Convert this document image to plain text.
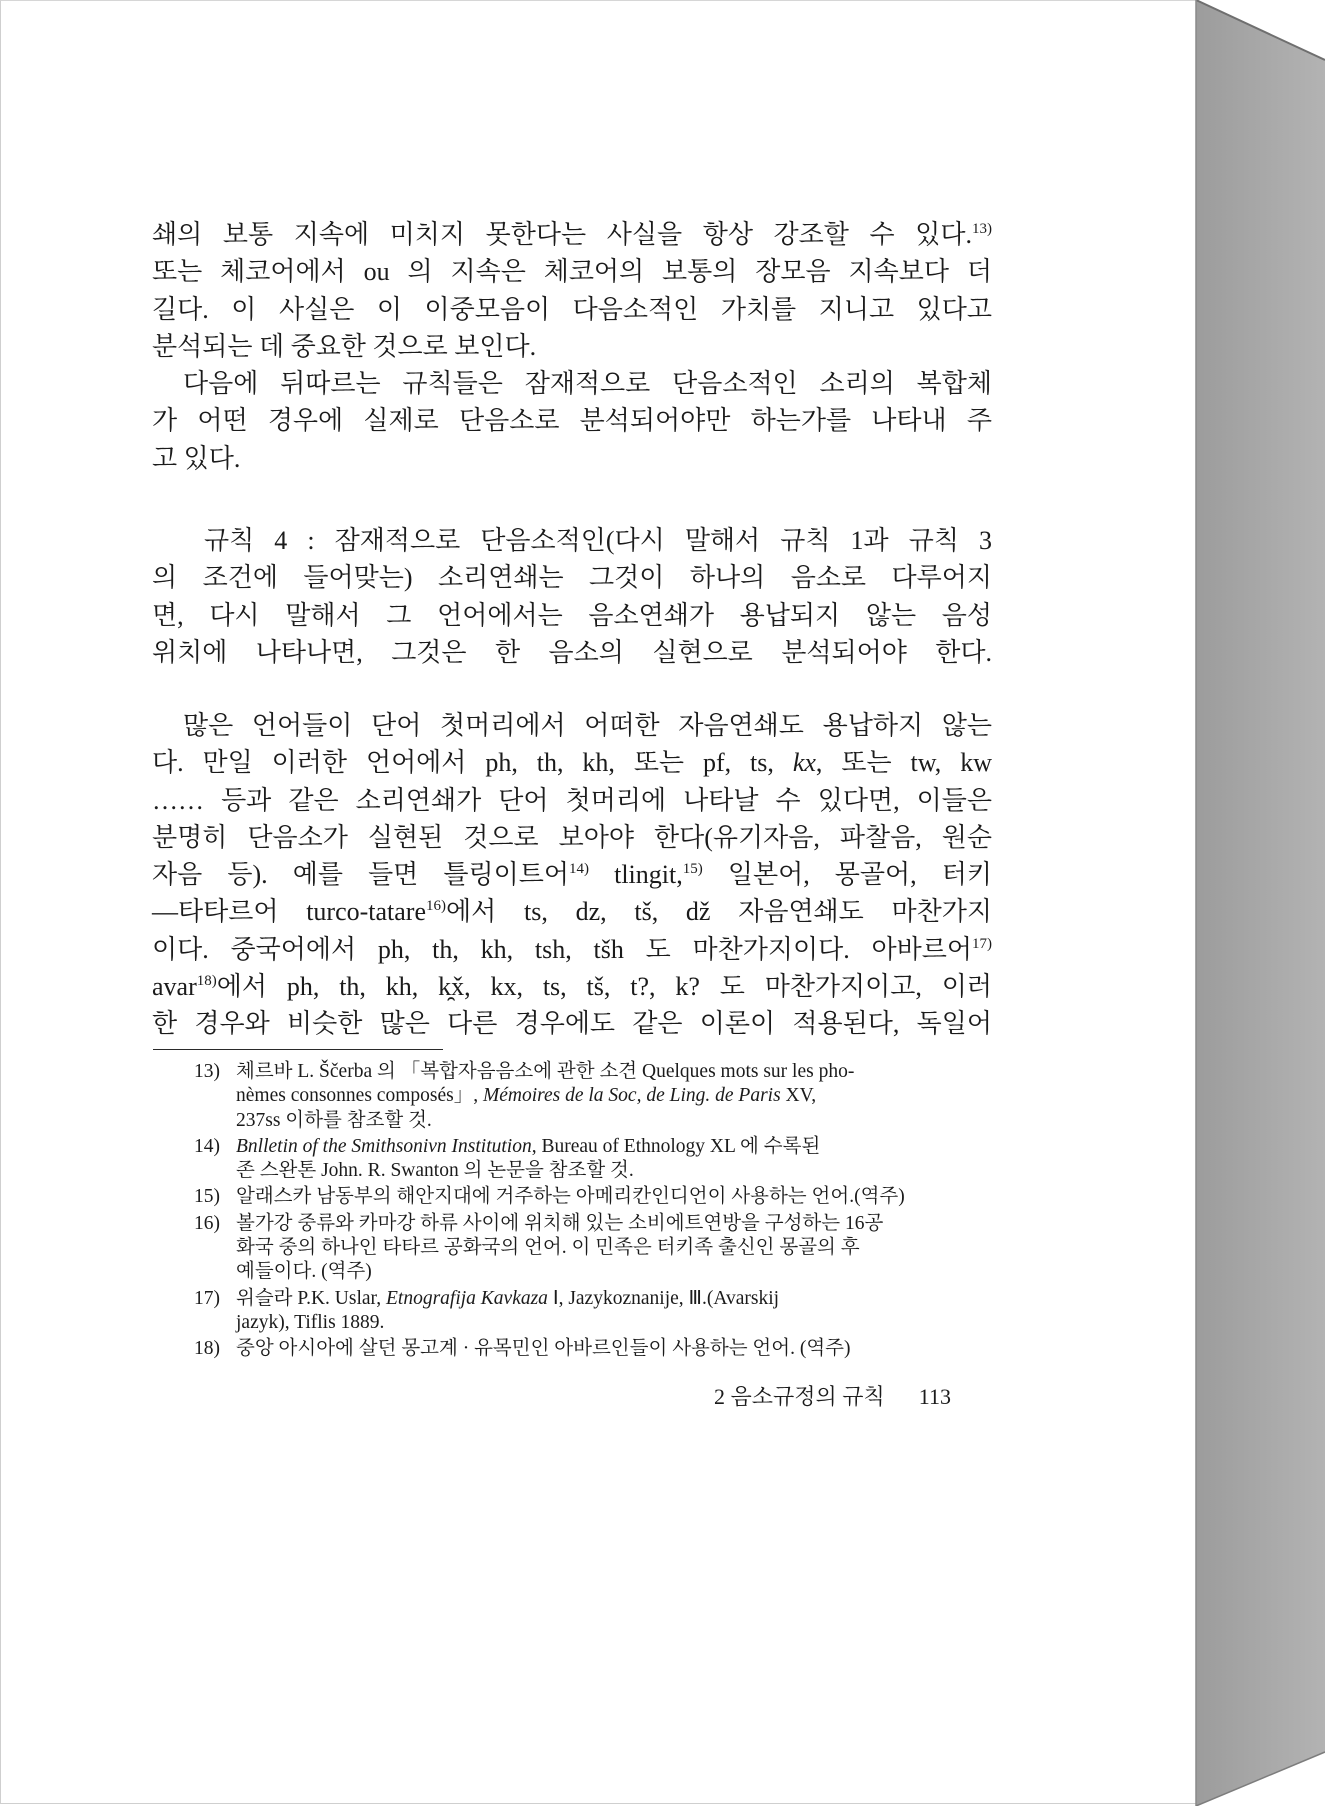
쇄의 보통 지속에 미치지 못한다는 사실을 항상 강조할 수 있다.$^{13)}$
또는 체코어에서 ou 의 지속은 체코어의 보통의 장모음 지속보다 더
길다. 이 사실은 이 이중모음이 다음소적인 가치를 지니고 있다고
분석되는 데 중요한 것으로 보인다.
다음에 뒤따르는 규칙들은 잠재적으로 단음소적인 소리의 복합체
가 어떤 경우에 실제로 단음소로 분석되어야만 하는가를 나타내 주
고 있다.
규칙 4 : 잠재적으로 단음소적인(다시 말해서 규칙 1과 규칙 3
의 조건에 들어맞는) 소리연쇄는 그것이 하나의 음소로 다루어지
면, 다시 말해서 그 언어에서는 음소연쇄가 용납되지 않는 음성
위치에 나타나면, 그것은 한 음소의 실현으로 분석되어야 한다.
많은 언어들이 단어 첫머리에서 어떠한 자음연쇄도 용납하지 않는
다. 만일 이러한 언어에서 ph, th, kh, 또는 pf, ts, kx, 또는 tw, kw
…… 등과 같은 소리연쇄가 단어 첫머리에 나타날 수 있다면, 이들은
분명히 단음소가 실현된 것으로 보아야 한다(유기자음, 파찰음, 원순
자음 등). 예를 들면 틀링이트어$^{14)}$ tlingit,$^{15)}$ 일본어, 몽골어, 터키
—타타르어 turco-tatare$^{16)}$에서 ts, dz, tš, dž 자음연쇄도 마찬가지
이다. 중국어에서 ph, th, kh, tsh, tšh 도 마찬가지이다. 아바르어$^{17)}$
avar$^{18)}$에서 ph, th, kh, k̯x̌, kx, ts, tš, t?, k? 도 마찬가지이고, 이러
한 경우와 비슷한 많은 다른 경우에도 같은 이론이 적용된다, 독일어
13) 체르바 L. Ščerba 의 「복합자음음소에 관한 소견 Quelques mots sur les pho-
nèmes consonnes composés」, Mémoires de la Soc, de Ling. de Paris XV,
237ss 이하를 참조할 것.
14) Bnlletin of the Smithsonivn Institution, Bureau of Ethnology XL 에 수록된
존 스완톤 John. R. Swanton 의 논문을 참조할 것.
15) 알래스카 남동부의 해안지대에 거주하는 아메리칸인디언이 사용하는 언어.(역주)
16) 볼가강 중류와 카마강 하류 사이에 위치해 있는 소비에트연방을 구성하는 16공
화국 중의 하나인 타타르 공화국의 언어. 이 민족은 터키족 출신인 몽골의 후
예들이다. (역주)
17) 위슬라 P.K. Uslar, Etnografija Kavkaza Ⅰ, Jazykoznanije, Ⅲ.(Avarskij
jazyk), Tiflis 1889.
18) 중앙 아시아에 살던 몽고계 · 유목민인 아바르인들이 사용하는 언어. (역주)
2 음소규정의 규칙 113
